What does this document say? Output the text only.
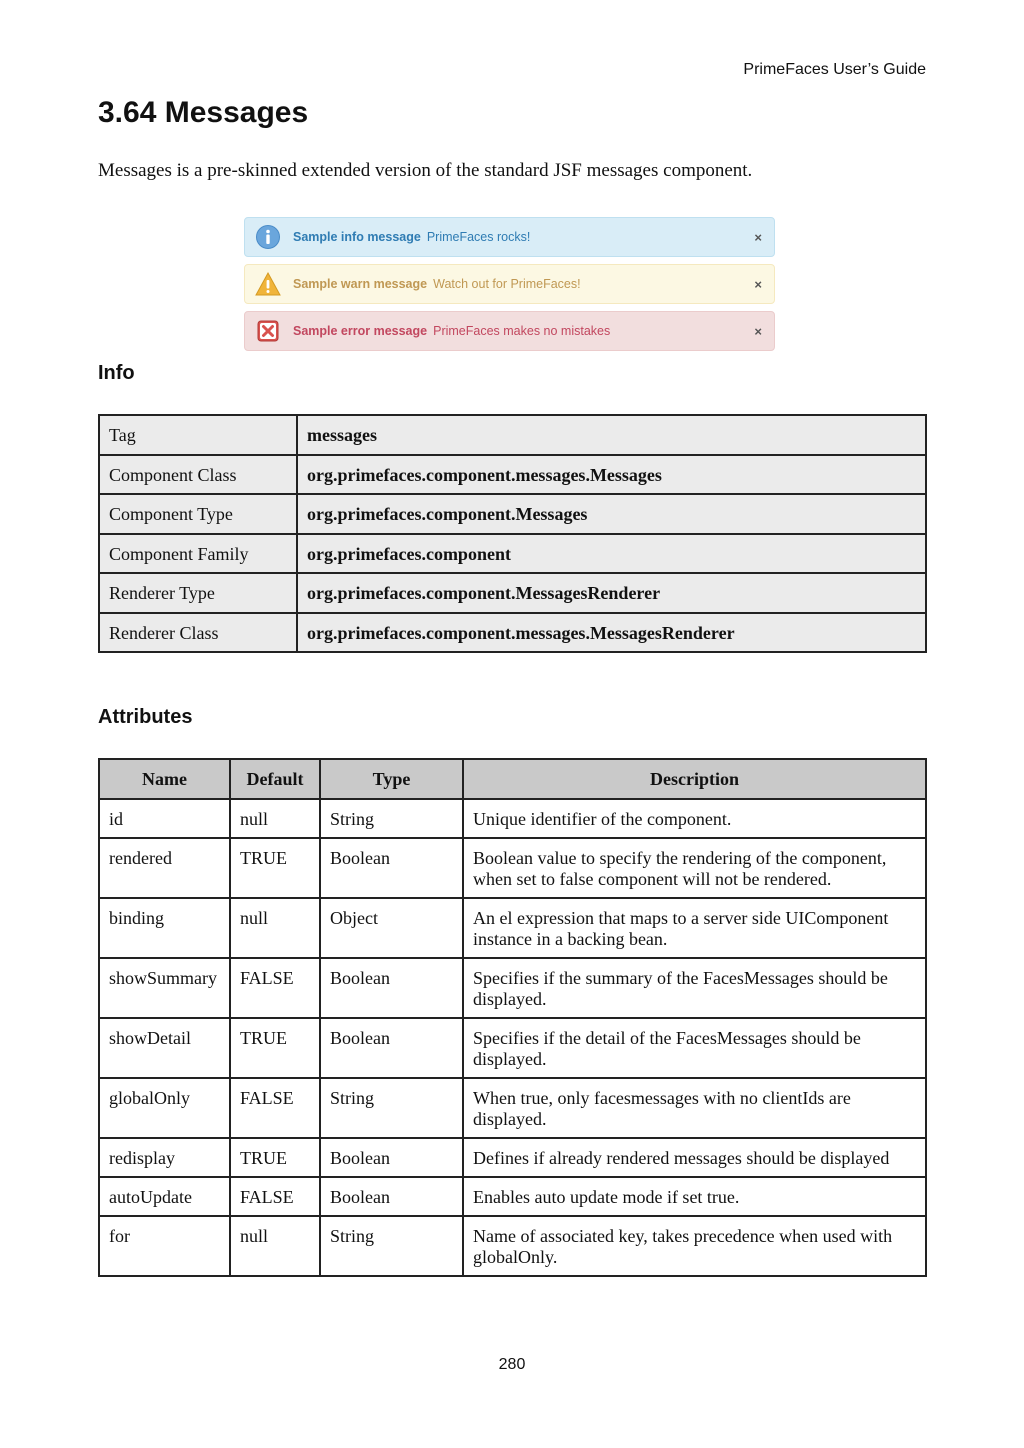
PrimeFaces User’s Guide
3.64 Messages

Messages is a pre-skinned extended version of the standard JSF messages component.

Sample info message PrimeFaces rocks!	×
Sample warn message Watch out for PrimeFaces!	×
Sample error message PrimeFaces makes no mistakes	×
Info
Tag	messages
Component Class	org.primefaces.component.messages.Messages
Component Type	org.primefaces.component.Messages
Component Family	org.primefaces.component
Renderer Type	org.primefaces.component.MessagesRenderer
Renderer Class	org.primefaces.component.messages.MessagesRenderer
Attributes
Name	Default	Type	Description
id	null	String	Unique identifier of the component.
rendered	TRUE	Boolean	Boolean value to specify the rendering of the component, when set to false component will not be rendered.
binding	null	Object	An el expression that maps to a server side UIComponent instance in a backing bean.
showSummary	FALSE	Boolean	Specifies if the summary of the FacesMessages should be displayed.
showDetail	TRUE	Boolean	Specifies if the detail of the FacesMessages should be displayed.
globalOnly	FALSE	String	When true, only facesmessages with no clientIds are displayed.
redisplay	TRUE	Boolean	Defines if already rendered messages should be displayed
autoUpdate	FALSE	Boolean	Enables auto update mode if set true.
for	null	String	Name of associated key, takes precedence when used with globalOnly.
280
